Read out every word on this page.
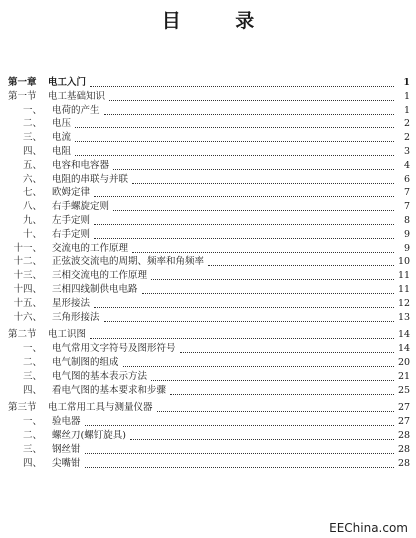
目 录
第一章	电工入门	1
第一节	电工基础知识	1
一、	电荷的产生	1
二、	电压	2
三、	电流	2
四、	电阻	3
五、	电容和电容器	4
六、	电阻的串联与并联	6
七、	欧姆定律	7
八、	右手螺旋定则	7
九、	左手定则	8
十、	右手定则	9
十一、	交流电的工作原理	9
十二、	正弦波交流电的周期、频率和角频率	10
十三、	三相交流电的工作原理	11
十四、	三相四线制供电电路	11
十五、	星形接法	12
十六、	三角形接法	13
第二节	电工识图	14
一、	电气常用文字符号及图形符号	14
二、	电气制图的组成	20
三、	电气图的基本表示方法	21
四、	看电气图的基本要求和步骤	25
第三节	电工常用工具与测量仪器	27
一、	验电器	27
二、	螺丝刀(螺钉旋具)	28
三、	钢丝钳	28
四、	尖嘴钳	28
EEChina.com
